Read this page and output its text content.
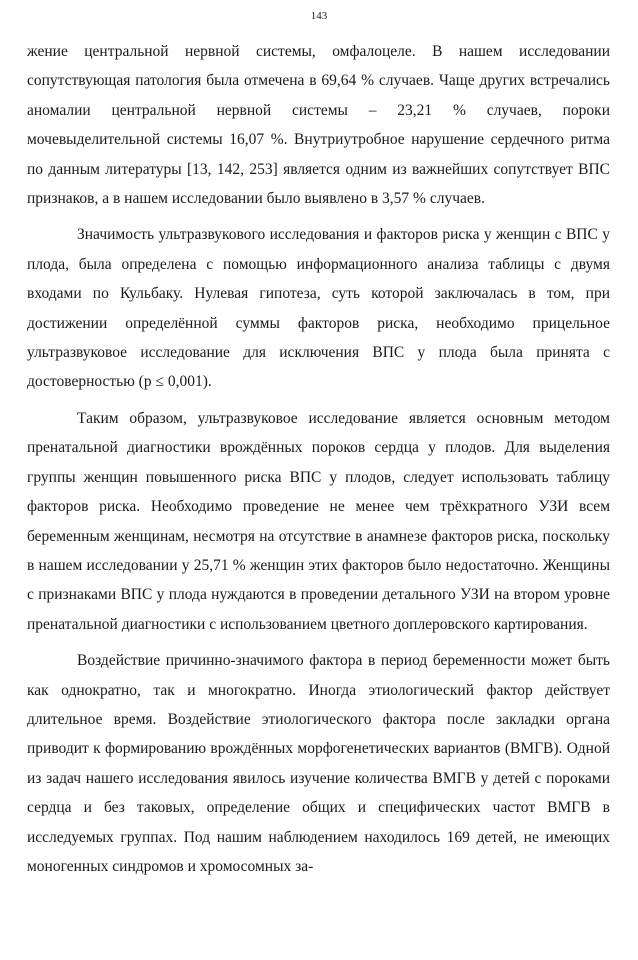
143

жение центральной нервной системы, омфалоцеле. В нашем исследовании сопутствующая патология была отмечена в 69,64 % случаев. Чаще других встречались аномалии центральной нервной системы – 23,21 % случаев, пороки мочевыделительной системы 16,07 %. Внутриутробное нарушение сердечного ритма по данным литературы [13, 142, 253] является одним из важнейших сопутствует ВПС признаков, а в нашем исследовании было выявлено в 3,57 % случаев.

Значимость ультразвукового исследования и факторов риска у женщин с ВПС у плода, была определена с помощью информационного анализа таблицы с двумя входами по Кульбаку. Нулевая гипотеза, суть которой заключалась в том, при достижении определённой суммы факторов риска, необходимо прицельное ультразвуковое исследование для исключения ВПС у плода была принята с достоверностью (р ≤ 0,001).

Таким образом, ультразвуковое исследование является основным методом пренатальной диагностики врождённых пороков сердца у плодов. Для выделения группы женщин повышенного риска ВПС у плодов, следует использовать таблицу факторов риска. Необходимо проведение не менее чем трёхкратного УЗИ всем беременным женщинам, несмотря на отсутствие в анамнезе факторов риска, поскольку в нашем исследовании у 25,71 % женщин этих факторов было недостаточно. Женщины с признаками ВПС у плода нуждаются в проведении детального УЗИ на втором уровне пренатальной диагностики с использованием цветного доплеровского картирования.

Воздействие причинно-значимого фактора в период беременности может быть как однократно, так и многократно. Иногда этиологический фактор действует длительное время. Воздействие этиологического фактора после закладки органа приводит к формированию врождённых морфогенетических вариантов (ВМГВ). Одной из задач нашего исследования явилось изучение количества ВМГВ у детей с пороками сердца и без таковых, определение общих и специфических частот ВМГВ в исследуемых группах. Под нашим наблюдением находилось 169 детей, не имеющих моногенных синдромов и хромосомных за-
